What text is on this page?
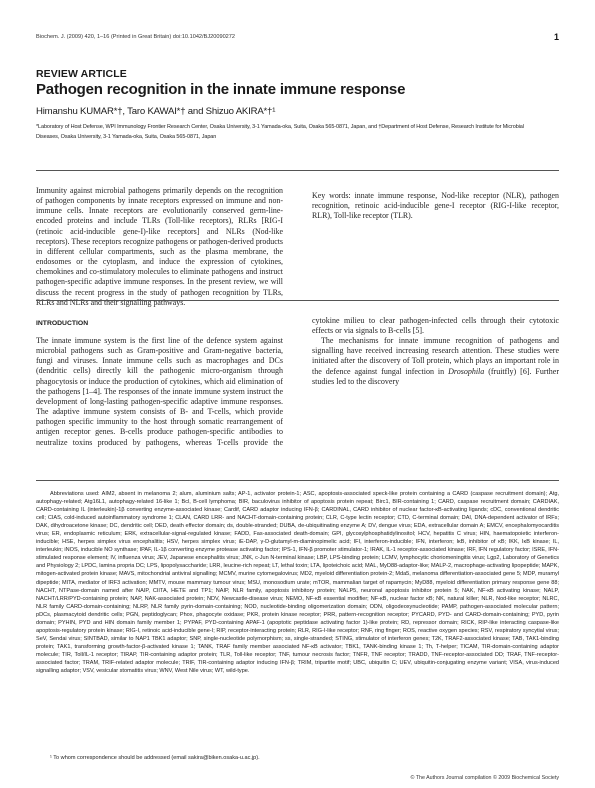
Biochem. J. (2009) 420, 1–16 (Printed in Great Britain) doi:10.1042/BJ20090272	1
REVIEW ARTICLE
Pathogen recognition in the innate immune response
Himanshu KUMAR*†, Taro KAWAI*† and Shizuo AKIRA*†¹
*Laboratory of Host Defense, WPI Immunology Frontier Research Center, Osaka University, 3-1 Yamada-oka, Suita, Osaka 565-0871, Japan, and †Department of Host Defense, Research Institute for Microbial Diseases, Osaka University, 3-1 Yamada-oka, Suita, Osaka 565-0871, Japan

Immunity against microbial pathogens primarily depends on the recognition of pathogen components by innate receptors expressed on immune and non-immune cells. Innate receptors are evolutionarily conserved germ-line-encoded proteins and include TLRs (Toll-like receptors), RLRs [RIG-I (retinoic acid-inducible gene-I)-like receptors] and NLRs (Nod-like receptors). These receptors recognize pathogens or pathogen-derived products in different cellular compartments, such as the plasma membrane, the endosomes or the cytoplasm, and induce the expression of cytokines, chemokines and co-stimulatory molecules to eliminate pathogens and instruct pathogen-specific adaptive immune responses. In the present review, we will discuss the recent progress in the study of pathogen recognition by TLRs, RLRs and NLRs and their signalling pathways.

Key words: innate immune response, Nod-like receptor (NLR), pathogen recognition, retinoic acid-inducible gene-I receptor (RIG-I-like receptor, RLR), Toll-like receptor (TLR).

INTRODUCTION

The innate immune system is the first line of the defence system against microbial pathogens such as Gram-positive and Gram-negative bacteria, fungi and viruses. Innate immune cells such as macrophages and DCs (dendritic cells) directly kill the pathogenic micro-organism through phagocytosis or induce the production of cytokines, which aid elimination of the pathogens [1–4]. The responses of the innate immune system instruct the development of long-lasting pathogen-specific adaptive immune responses. The adaptive immune system consists of B- and T-cells, which provide pathogen specific immunity to the host through somatic rearrangement of antigen receptor genes. B-cells produce pathogen-specific antibodies to neutralize toxins produced by pathogens, whereas T-cells provide the

cytokine milieu to clear pathogen-infected cells through their cytotoxic effects or via signals to B-cells [5].

The mechanisms for innate immune recognition of pathogens and signalling have received increasing research attention. These studies were initiated after the discovery of Toll protein, which plays an important role in the defence against fungal infection in Drosophila (fruitfly) [6]. Further studies led to the discovery

Abbreviations used: AIM2, absent in melanoma 2; alum, aluminium salts; AP-1, activator protein-1; ASC, apoptosis-associated speck-like protein containing a CARD (caspase recruitment domain); Atg, autophagy-related; Atg16L1, autophagy-related 16-like 1; Bcl, B-cell lymphoma; BIR, baculovirus inhibitor of apoptosis protein repeat; Birc1, BIR-containing 1; CARD, caspase recruitment domain; CARDIAK, CARD-containing IL (interleukin)-1β converting enzyme-associated kinase; Cardif, CARD adaptor inducing IFN-β; CARDINAL, CARD inhibitor of nuclear factor-κB-activating ligands; cDC, conventional dendritic cell; CIAS, cold-induced autoinflammatory syndrome 1; CLAN, CARD LRR- and NACHT-domain-containing protein; CLR, C-type lectin receptor; CTD, C-terminal domain; DAI, DNA-dependent activator of IRFs; DAK, dihydroacetone kinase; DC, dendritic cell; DED, death effector domain; ds, double-stranded; DUBA, de-ubiquitinating enzyme A; DV, dengue virus; EDA, extracellular domain A; EMCV, encephalomyocarditis virus; ER, endoplasmic reticulum; ERK, extracellular-signal-regulated kinase; FADD, Fas-associated death-domain; GPI, glycosylphosphatidylinositol; HCV, hepatitis C virus; HIN, haematopoietic interferon-inducible; HSE, herpes simplex virus encephalitis; HSV, herpes simplex virus; iE-DAP, γ-D-glutamyl-m-diaminopimelic acid; IFI, interferon-inducible; IFN, interferon; IκB, inhibitor of κB; IKK, IκB kinase; IL, interleukin; iNOS, inducible NO synthase; IPAF, IL-1β converting enzyme protease activating factor; IPS-1, IFN-β promoter stimulator-1; IRAK, IL-1 receptor-associated kinase; IRF, IFN regulatory factor; ISRE, IFN-stimulated response element; IV, influenza virus; JEV, Japanese encephalitis virus; JNK, c-Jun N-terminal kinase; LBP, LPS-binding protein; LCMV, lymphocytic choriomeningitis virus; Lgp2, Laboratory of Genetics and Physiology 2; LPDC, lamina propria DC; LPS, lipopolysaccharide; LRR, leucine-rich repeat; LT, lethal toxin; LTA, lipoteichoic acid; MAL, MyD88-adaptor-like; MALP-2, macrophage-activating lipopeptide; MAPK, mitogen-activated protein kinase; MAVS, mitochondrial antiviral signalling; MCMV, murine cytomegalovirus; MD2, myeloid differentiation protein-2; Mda5, melanoma differentiation-associated gene 5; MDP, muramyl dipeptide; MITA, mediator of IRF3 activation; MMTV, mouse mammary tumour virus; MSU, monosodium urate; mTOR, mammalian target of rapamycin; MyD88, myeloid differentiation primary response gene 88; NACHT, NTPase-domain named after NAIP, CIITA, HETE and TP1; NAIP, NLR family, apoptosis inhibitory protein; NALP5, neuronal apoptosis inhibitor protein 5; NAK, NF-κB activating kinase; NALP, NACHT/LRR/PYD-containing protein; NAP, NAK-associated protein; NDV, Newcastle-disease virus; NEMO, NF-κB essential modifier; NF-κB, nuclear factor κB; NK, natural killer; NLR, Nod-like receptor; NLRC, NLR family CARD-domain-containing; NLRP, NLR family pyrin-domain-containing; NOD, nucleotide-binding oligomerization domain; ODN, oligodeoxynucleotide; PAMP, pathogen-associated molecular pattern; pDCs, plasmacytoid dendritic cells; PGN, peptidoglycan; Phox, phagocyte oxidase; PKR, protein kinase receptor; PRR, pattern-recognition receptor; PYCARD, PYD- and CARD-domain-containing; PYD, pyrin domain; PYHIN, PYD and HIN domain family member 1; PYPAF, PYD-containing APAF-1 (apoptotic peptidase activating factor 1)-like protein; RD, repressor domain; RICK, RIP-like interacting caspase-like apoptosis-regulatory protein kinase; RIG-I, retinoic acid-inducible gene-I; RIP, receptor-interacting protein; RLR, RIG-I-like receptor; RNF, ring finger; ROS, reactive oxygen species; RSV, respiratory syncytial virus; SeV, Sendai virus; SINTBAD, similar to NAP1 TBK1 adaptor; SNP, single-nucleotide polymorphism; ss, single-stranded; STING, stimulator of interferon genes; T2K, TRAF2-associated kinase; TAB, TAK1-binding protein; TAK1, transforming growth-factor-β-activated kinase 1; TANK, TRAF family member associated NF-κB activator; TBK1, TANK-binding kinase 1; Th, T-helper; TICAM, TIR-domain-containing adaptor molecule; TIR, Toll/IL-1 receptor; TIRAP, TIR-containing adaptor protein; TLR, Toll-like receptor; TNF, tumour necrosis factor; TNFR, TNF receptor; TRADD, TNF-receptor-associated DD; TRAF, TNF-receptor-associated factor; TRAM, TRIF-related adaptor molecule; TRIF, TIR-containing adaptor inducing IFN-β; TRIM, tripartite motif; UBC, ubiquitin C; UEV, ubiquitin-conjugating enzyme variant; VISA, virus-induced signalling adaptor; VSV, vesicular stomatitis virus; WNV, West Nile virus; WT, wild-type.

¹ To whom correspondence should be addressed (email sakira@biken.osaka-u.ac.jp).
© The Authors Journal compilation © 2009 Biochemical Society
